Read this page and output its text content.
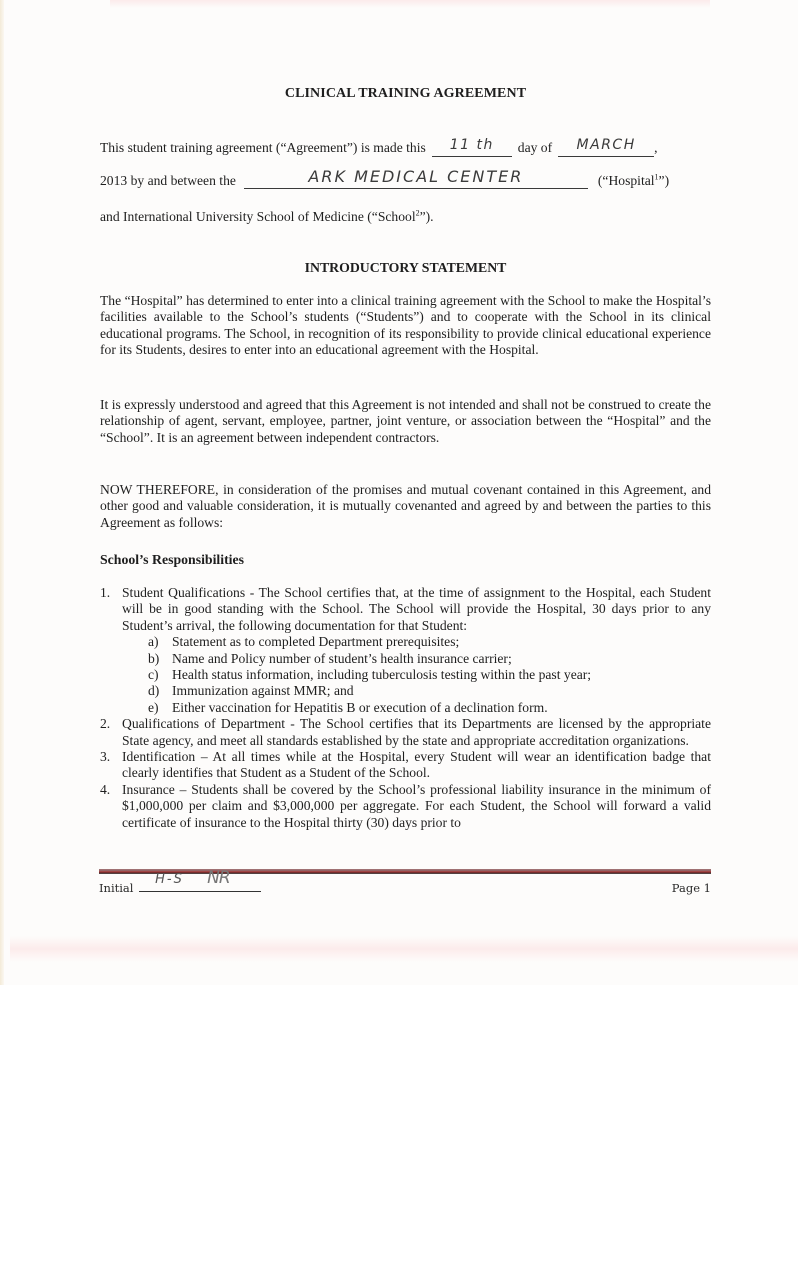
CLINICAL TRAINING AGREEMENT
This student training agreement (“Agreement”) is made this	11 th	day of	MARCH	,
2013 by and between the	ARK MEDICAL CENTER	(“Hospital$^1$”)
and International University School of Medicine (“School$^2$”).
INTRODUCTORY STATEMENT

The “Hospital” has determined to enter into a clinical training agreement with the School to make the Hospital’s facilities available to the School’s students (“Students”) and to cooperate with the School in its clinical educational programs. The School, in recognition of its responsibility to provide clinical educational experience for its Students, desires to enter into an educational agreement with the Hospital.

It is expressly understood and agreed that this Agreement is not intended and shall not be construed to create the relationship of agent, servant, employee, partner, joint venture, or association between the “Hospital” and the “School”. It is an agreement between independent contractors.

NOW THEREFORE, in consideration of the promises and mutual covenant contained in this Agreement, and other good and valuable consideration, it is mutually covenanted and agreed by and between the parties to this Agreement as follows:

School’s Responsibilities
1. Student Qualifications - The School certifies that, at the time of assignment to the Hospital, each Student will be in good standing with the School. The School will provide the Hospital, 30 days prior to any Student’s arrival, the following documentation for that Student:
a) Statement as to completed Department prerequisites;
b) Name and Policy number of student’s health insurance carrier;
c) Health status information, including tuberculosis testing within the past year;
d) Immunization against MMR; and
e) Either vaccination for Hepatitis B or execution of a declination form.
2. Qualifications of Department - The School certifies that its Departments are licensed by the appropriate State agency, and meet all standards established by the state and appropriate accreditation organizations.
3. Identification – At all times while at the Hospital, every Student will wear an identification badge that clearly identifies that Student as a Student of the School.
4. Insurance – Students shall be covered by the School’s professional liability insurance in the minimum of $1,000,000 per claim and $3,000,000 per aggregate. For each Student, the School will forward a valid certificate of insurance to the Hospital thirty (30) days prior to
Initial
H-S NR	Page 1
